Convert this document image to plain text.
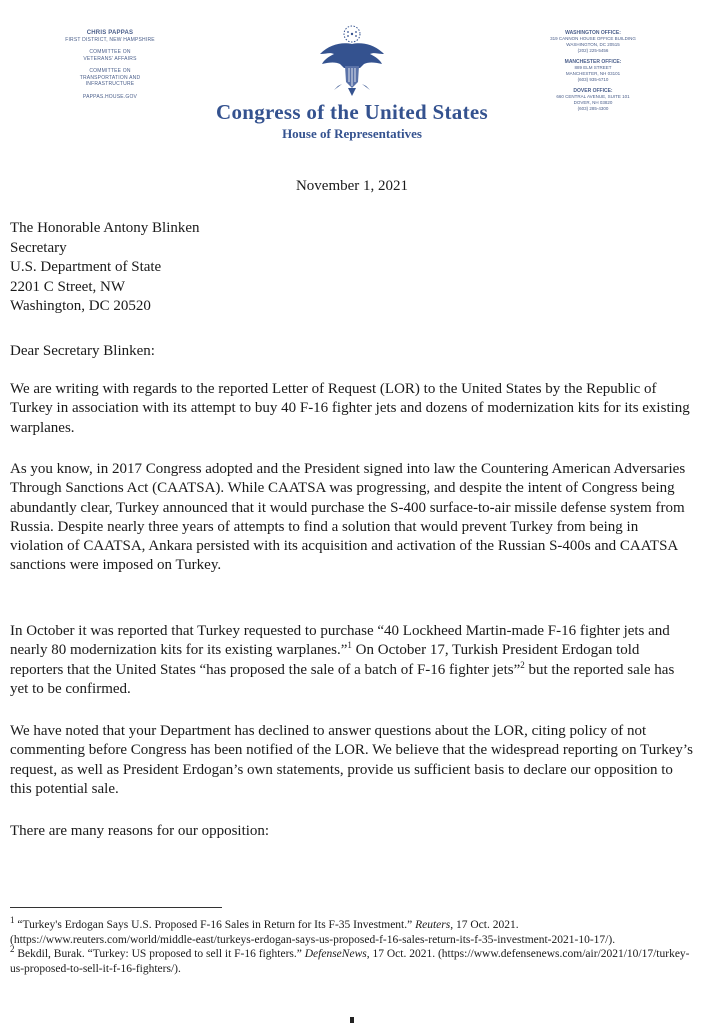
CHRIS PAPPAS
FIRST DISTRICT, NEW HAMPSHIRE
COMMITTEE ON
VETERANS' AFFAIRS
COMMITTEE ON
TRANSPORTATION AND
INFRASTRUCTURE
PAPPAS.HOUSE.GOV
Congress of the United States
House of Representatives
WASHINGTON OFFICE:
319 CANNON HOUSE OFFICE BUILDING
WASHINGTON, DC 20515
(202) 225-5456
MANCHESTER OFFICE:
889 ELM STREET
MANCHESTER, NH 03101
(603) 935-6710
DOVER OFFICE:
660 CENTRAL AVENUE, SUITE 101
DOVER, NH 03820
(603) 285-4300
November 1, 2021
The Honorable Antony Blinken
Secretary
U.S. Department of State
2201 C Street, NW
Washington, DC 20520
Dear Secretary Blinken:
We are writing with regards to the reported Letter of Request (LOR) to the United States by the Republic of Turkey in association with its attempt to buy 40 F-16 fighter jets and dozens of modernization kits for its existing warplanes.
As you know, in 2017 Congress adopted and the President signed into law the Countering American Adversaries Through Sanctions Act (CAATSA). While CAATSA was progressing, and despite the intent of Congress being abundantly clear, Turkey announced that it would purchase the S-400 surface-to-air missile defense system from Russia. Despite nearly three years of attempts to find a solution that would prevent Turkey from being in violation of CAATSA, Ankara persisted with its acquisition and activation of the Russian S-400s and CAATSA sanctions were imposed on Turkey.
In October it was reported that Turkey requested to purchase “40 Lockheed Martin-made F-16 fighter jets and nearly 80 modernization kits for its existing warplanes.”$^1$ On October 17, Turkish President Erdogan told reporters that the United States “has proposed the sale of a batch of F-16 fighter jets”$^2$ but the reported sale has yet to be confirmed.
We have noted that your Department has declined to answer questions about the LOR, citing policy of not commenting before Congress has been notified of the LOR. We believe that the widespread reporting on Turkey’s request, as well as President Erdogan’s own statements, provide us sufficient basis to declare our opposition to this potential sale.
There are many reasons for our opposition:
$^1$ “Turkey's Erdogan Says U.S. Proposed F-16 Sales in Return for Its F-35 Investment.” Reuters, 17 Oct. 2021. (https://www.reuters.com/world/middle-east/turkeys-erdogan-says-us-proposed-f-16-sales-return-its-f-35-investment-2021-10-17/).
$^2$ Bekdil, Burak. “Turkey: US proposed to sell it F-16 fighters.” DefenseNews, 17 Oct. 2021. (https://www.defensenews.com/air/2021/10/17/turkey-us-proposed-to-sell-it-f-16-fighters/).
